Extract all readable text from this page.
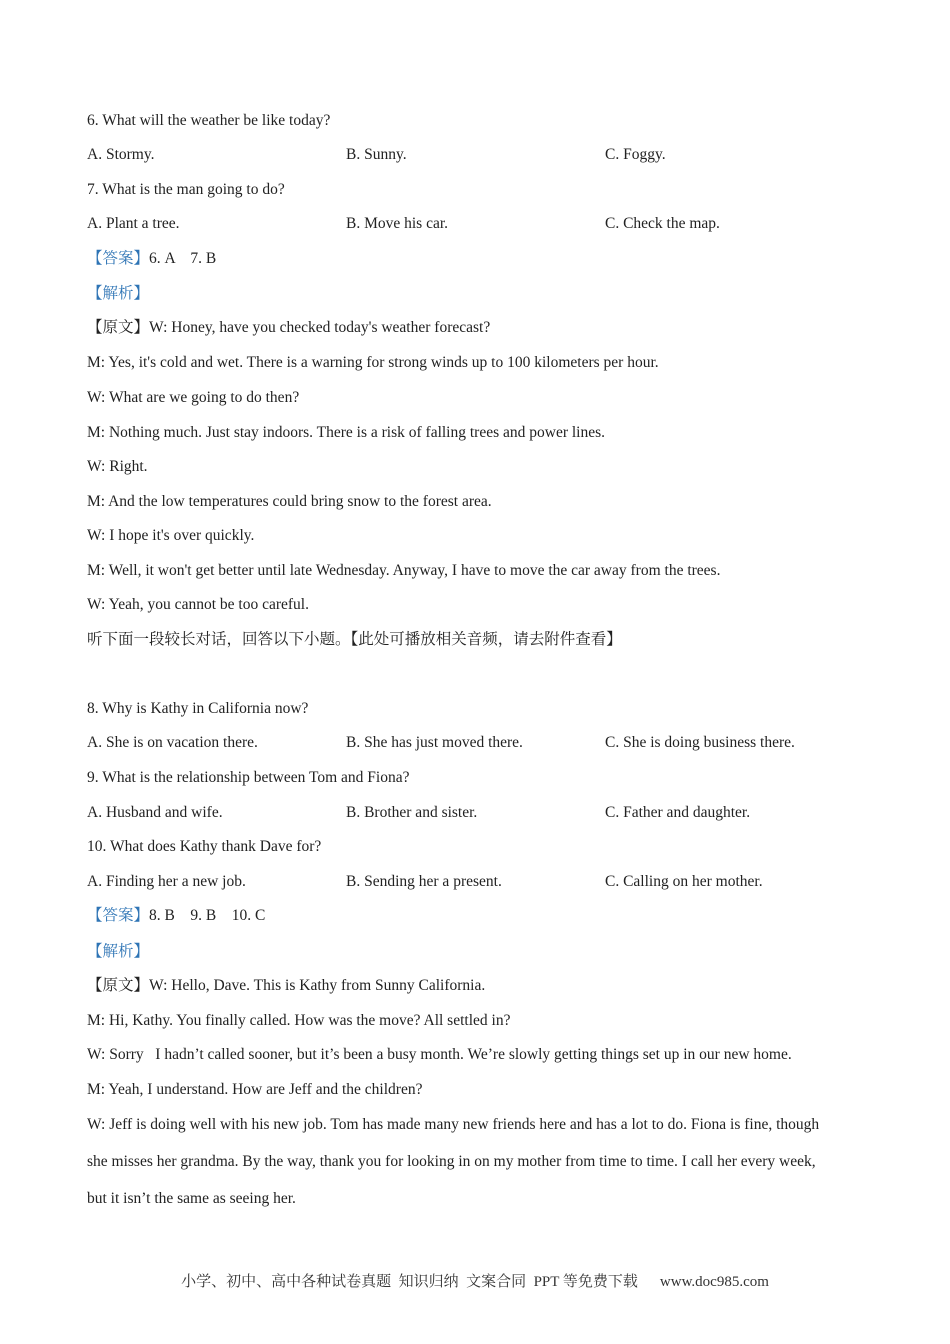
6. What will the weather be like today?
A. Stormy.	B. Sunny.	C. Foggy.
7. What is the man going to do?
A. Plant a tree.	B. Move his car.	C. Check the map.
【答案】6. A    7. B
【解析】
【原文】W: Honey, have you checked today's weather forecast?
M: Yes, it's cold and wet. There is a warning for strong winds up to 100 kilometers per hour.
W: What are we going to do then?
M: Nothing much. Just stay indoors. There is a risk of falling trees and power lines.
W: Right.
M: And the low temperatures could bring snow to the forest area.
W: I hope it's over quickly.
M: Well, it won't get better until late Wednesday. Anyway, I have to move the car away from the trees.
W: Yeah, you cannot be too careful.
听下面一段较长对话，回答以下小题。【此处可播放相关音频，请去附件查看】
8. Why is Kathy in California now?
A. She is on vacation there.	B. She has just moved there.	C. She is doing business there.
9. What is the relationship between Tom and Fiona?
A. Husband and wife.	B. Brother and sister.	C. Father and daughter.
10. What does Kathy thank Dave for?
A. Finding her a new job.	B. Sending her a present.	C. Calling on her mother.
【答案】8. B    9. B    10. C
【解析】
【原文】W: Hello, Dave. This is Kathy from Sunny California.
M: Hi, Kathy. You finally called. How was the move? All settled in?
W: Sorry   I hadn’t called sooner, but it’s been a busy month. We’re slowly getting things set up in our new home.
M: Yeah, I understand. How are Jeff and the children?
W: Jeff is doing well with his new job. Tom has made many new friends here and has a lot to do. Fiona is fine, though
she misses her grandma. By the way, thank you for looking in on my mother from time to time. I call her every week,
but it isn’t the same as seeing her.
小学、初中、高中各种试卷真题  知识归纳  文案合同  PPT 等免费下载 www.doc985.com
